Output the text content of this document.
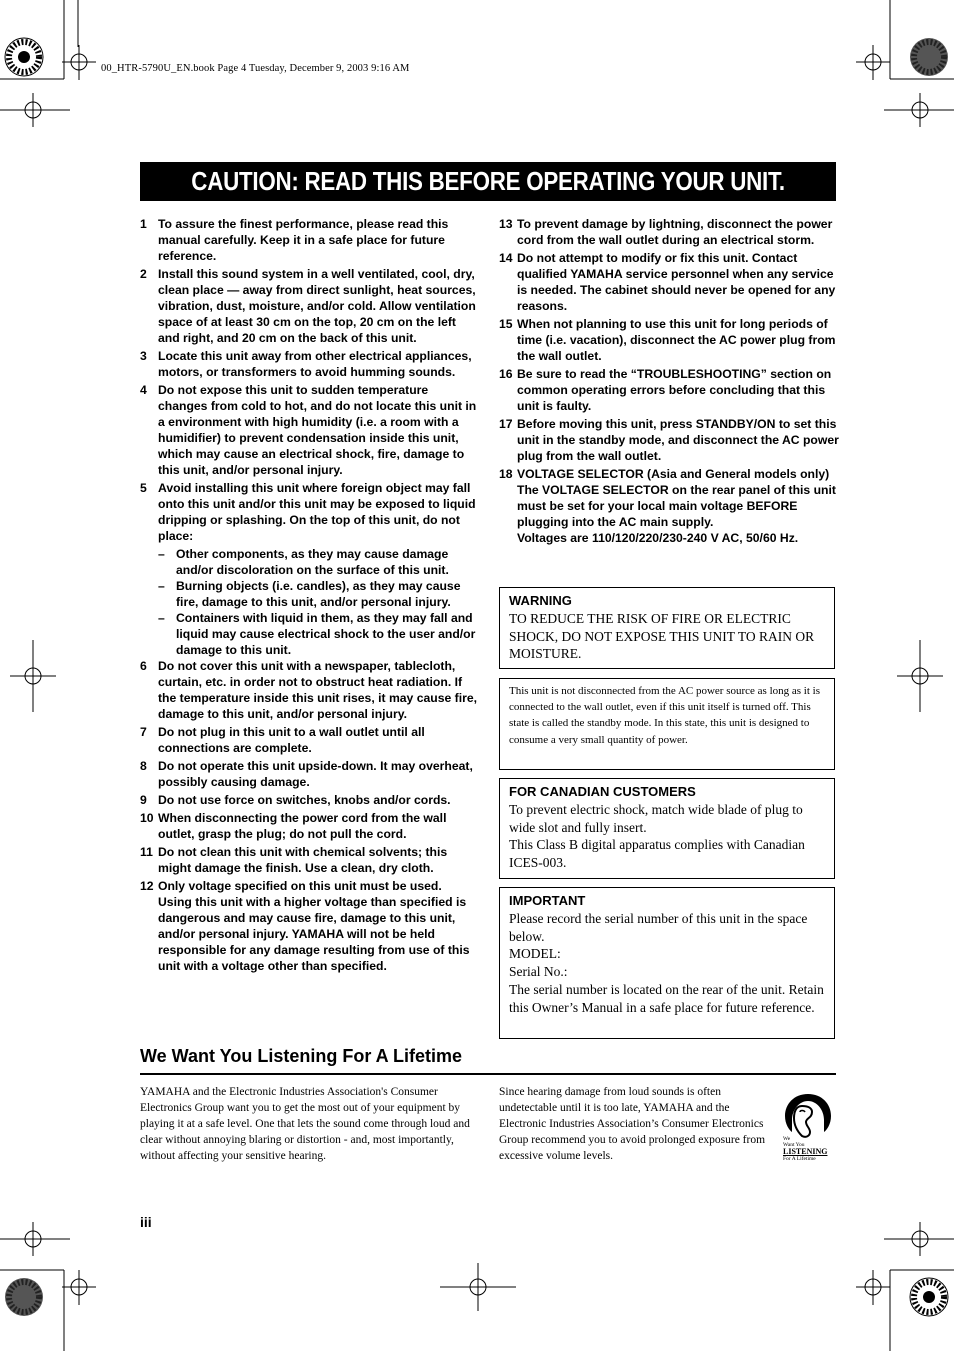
00_HTR-5790U_EN.book Page 4 Tuesday, December 9, 2003 9:16 AM
CAUTION: READ THIS BEFORE OPERATING YOUR UNIT.
1 To assure the finest performance, please read this manual carefully. Keep it in a safe place for future reference.
2 Install this sound system in a well ventilated, cool, dry, clean place — away from direct sunlight, heat sources, vibration, dust, moisture, and/or cold. Allow ventilation space of at least 30 cm on the top, 20 cm on the left and right, and 20 cm on the back of this unit.
3 Locate this unit away from other electrical appliances, motors, or transformers to avoid humming sounds.
4 Do not expose this unit to sudden temperature changes from cold to hot, and do not locate this unit in a environment with high humidity (i.e. a room with a humidifier) to prevent condensation inside this unit, which may cause an electrical shock, fire, damage to this unit, and/or personal injury.
5 Avoid installing this unit where foreign object may fall onto this unit and/or this unit may be exposed to liquid dripping or splashing. On the top of this unit, do not place:
– Other components, as they may cause damage and/or discoloration on the surface of this unit.
– Burning objects (i.e. candles), as they may cause fire, damage to this unit, and/or personal injury.
– Containers with liquid in them, as they may fall and liquid may cause electrical shock to the user and/or damage to this unit.
6 Do not cover this unit with a newspaper, tablecloth, curtain, etc. in order not to obstruct heat radiation. If the temperature inside this unit rises, it may cause fire, damage to this unit, and/or personal injury.
7 Do not plug in this unit to a wall outlet until all connections are complete.
8 Do not operate this unit upside-down. It may overheat, possibly causing damage.
9 Do not use force on switches, knobs and/or cords.
10 When disconnecting the power cord from the wall outlet, grasp the plug; do not pull the cord.
11 Do not clean this unit with chemical solvents; this might damage the finish. Use a clean, dry cloth.
12 Only voltage specified on this unit must be used. Using this unit with a higher voltage than specified is dangerous and may cause fire, damage to this unit, and/or personal injury. YAMAHA will not be held responsible for any damage resulting from use of this unit with a voltage other than specified.
13 To prevent damage by lightning, disconnect the power cord from the wall outlet during an electrical storm.
14 Do not attempt to modify or fix this unit. Contact qualified YAMAHA service personnel when any service is needed. The cabinet should never be opened for any reasons.
15 When not planning to use this unit for long periods of time (i.e. vacation), disconnect the AC power plug from the wall outlet.
16 Be sure to read the “TROUBLESHOOTING” section on common operating errors before concluding that this unit is faulty.
17 Before moving this unit, press STANDBY/ON to set this unit in the standby mode, and disconnect the AC power plug from the wall outlet.
18 VOLTAGE SELECTOR (Asia and General models only)
The VOLTAGE SELECTOR on the rear panel of this unit must be set for your local main voltage BEFORE plugging into the AC main supply.
Voltages are 110/120/220/230-240 V AC, 50/60 Hz.
WARNING
TO REDUCE THE RISK OF FIRE OR ELECTRIC SHOCK, DO NOT EXPOSE THIS UNIT TO RAIN OR MOISTURE.
This unit is not disconnected from the AC power source as long as it is connected to the wall outlet, even if this unit itself is turned off. This state is called the standby mode. In this state, this unit is designed to consume a very small quantity of power.
FOR CANADIAN CUSTOMERS
To prevent electric shock, match wide blade of plug to wide slot and fully insert.
This Class B digital apparatus complies with Canadian ICES-003.
IMPORTANT
Please record the serial number of this unit in the space below.
MODEL:
Serial No.:
The serial number is located on the rear of the unit. Retain this Owner’s Manual in a safe place for future reference.
We Want You Listening For A Lifetime
YAMAHA and the Electronic Industries Association's Consumer Electronics Group want you to get the most out of your equipment by playing it at a safe level. One that lets the sound come through loud and clear without annoying blaring or distortion - and, most importantly, without affecting your sensitive hearing.
Since hearing damage from loud sounds is often undetectable until it is too late, YAMAHA and the Electronic Industries Association’s Consumer Electronics Group recommend you to avoid prolonged exposure from excessive volume levels.
We
Want You
LISTENING
For A Lifetime
iii
